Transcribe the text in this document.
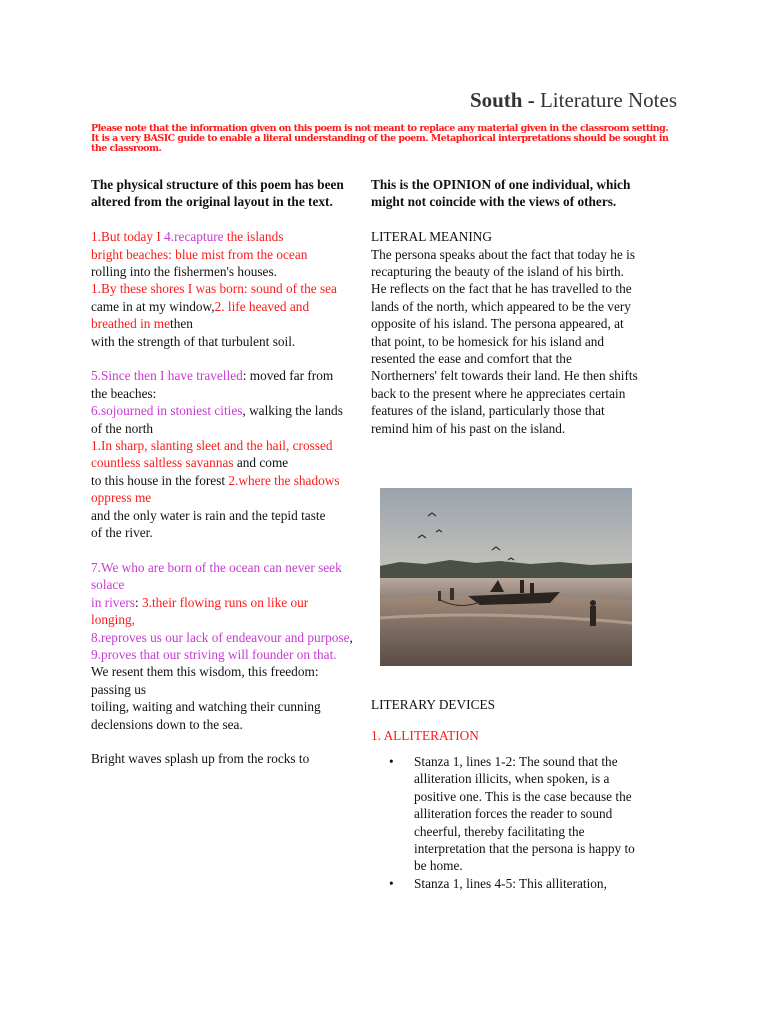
South - Literature Notes
Please note that the information given on this poem is not meant to replace any material given in the classroom setting. It is a very BASIC guide to enable a literal understanding of the poem. Metaphorical interpretations should be sought in the classroom.

The physical structure of this poem has been altered from the original layout in the text.

1.But today I 4.recapture the islands

bright beaches: blue mist from the ocean

rolling into the fishermen's houses.

1.By these shores I was born: sound of the sea

came in at my window,2. life heaved and breathed in methen

with the strength of that turbulent soil.

5.Since then I have travelled: moved far from

the beaches:

6.sojourned in stoniest cities, walking the lands of the north

1.In sharp, slanting sleet and the hail, crossed countless saltless savannas and come

to this house in the forest 2.where the shadows oppress me

and the only water is rain and the tepid taste

of the river.

7.We who are born of the ocean can never seek solace

in rivers: 3.their flowing runs on like our longing,

8.reproves us our lack of endeavour and purpose,

9.proves that our striving will founder on that.

We resent them this wisdom, this freedom: passing us

toiling, waiting and watching their cunning declensions down to the sea.

Bright waves splash up from the rocks to

This is the OPINION of one individual, which might not coincide with the views of others.

LITERAL MEANING

The persona speaks about the fact that today he is recapturing the beauty of the island of his birth. He reflects on the fact that he has travelled to the lands of the north, which appeared to be the very opposite of his island. The persona appeared, at that point, to be homesick for his island and resented the ease and comfort that the Northerners' felt towards their land. He then shifts back to the present where he appreciates certain features of the island, particularly those that remind him of his past on the island.

LITERARY DEVICES

1. ALLITERATION

• Stanza 1, lines 1-2: The sound that the alliteration illicits, when spoken, is a positive one. This is the case because the alliteration forces the reader to sound cheerful, thereby facilitating the interpretation that the persona is happy to be home.
• Stanza 1, lines 4-5: This alliteration,
